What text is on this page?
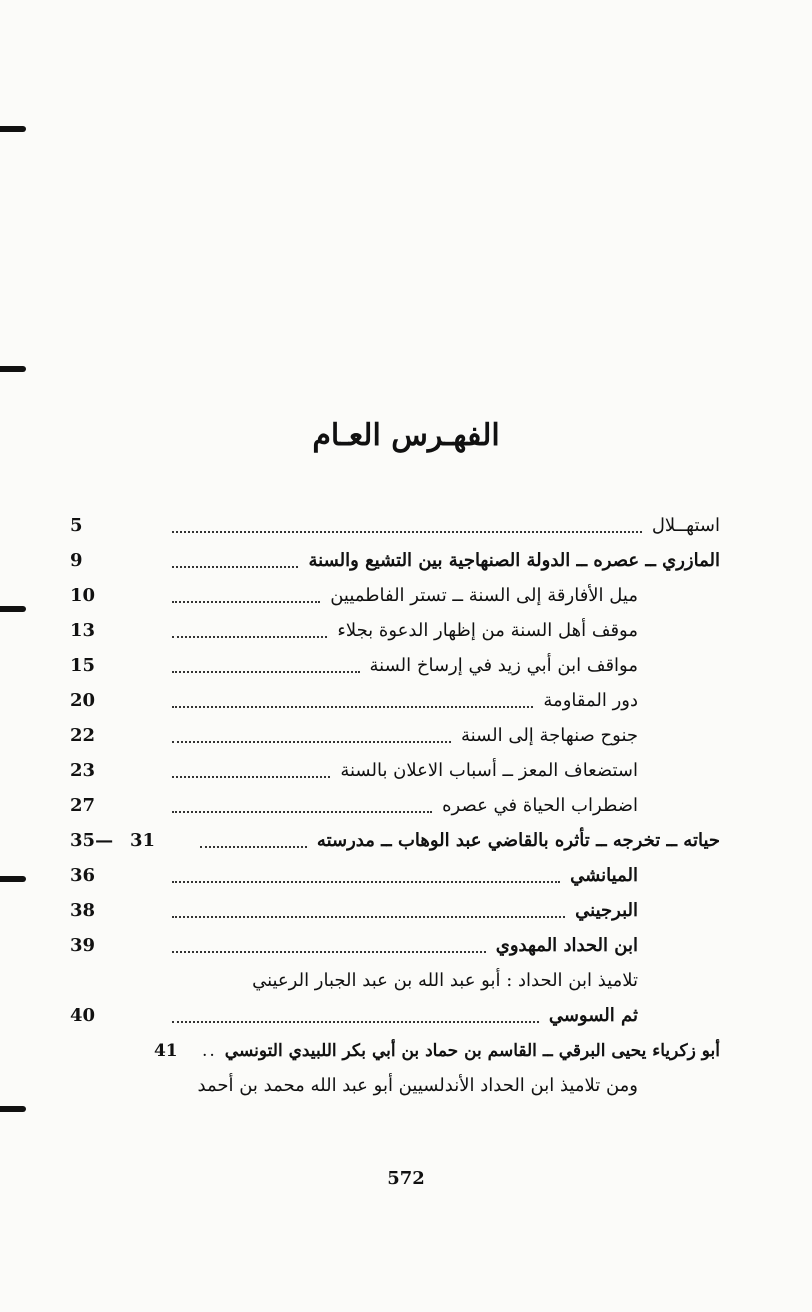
الفهـرس العـام
استهــلال
5
المازري ــ عصره ــ الدولة الصنهاجية بين التشيع والسنة
9
ميل الأفارقة إلى السنة ــ تستر الفاطميين
10
موقف أهل السنة من إظهار الدعوة بجلاء
13
مواقف ابن أبي زيد في إرساخ السنة
15
دور المقاومة
20
جنوح صنهاجة إلى السنة
22
استضعاف المعز ــ أسباب الاعلان بالسنة
23
اضطراب الحياة في عصره
27
حياته ــ تخرجه ــ تأثره بالقاضي عبد الوهاب ــ مدرسته
31
35—
الميانشي
36
البرجيني
38
ابن الحداد المهدوي
39
تلاميذ ابن الحداد : أبو عبد الله بن عبد الجبار الرعيني
ثم السوسي
40
أبو زكرياء يحيى البرقي ــ القاسم بن حماد بن أبي بكر اللبيدي التونسي
..
41
ومن تلاميذ ابن الحداد الأندلسيين أبو عبد الله محمد بن أحمد
572
